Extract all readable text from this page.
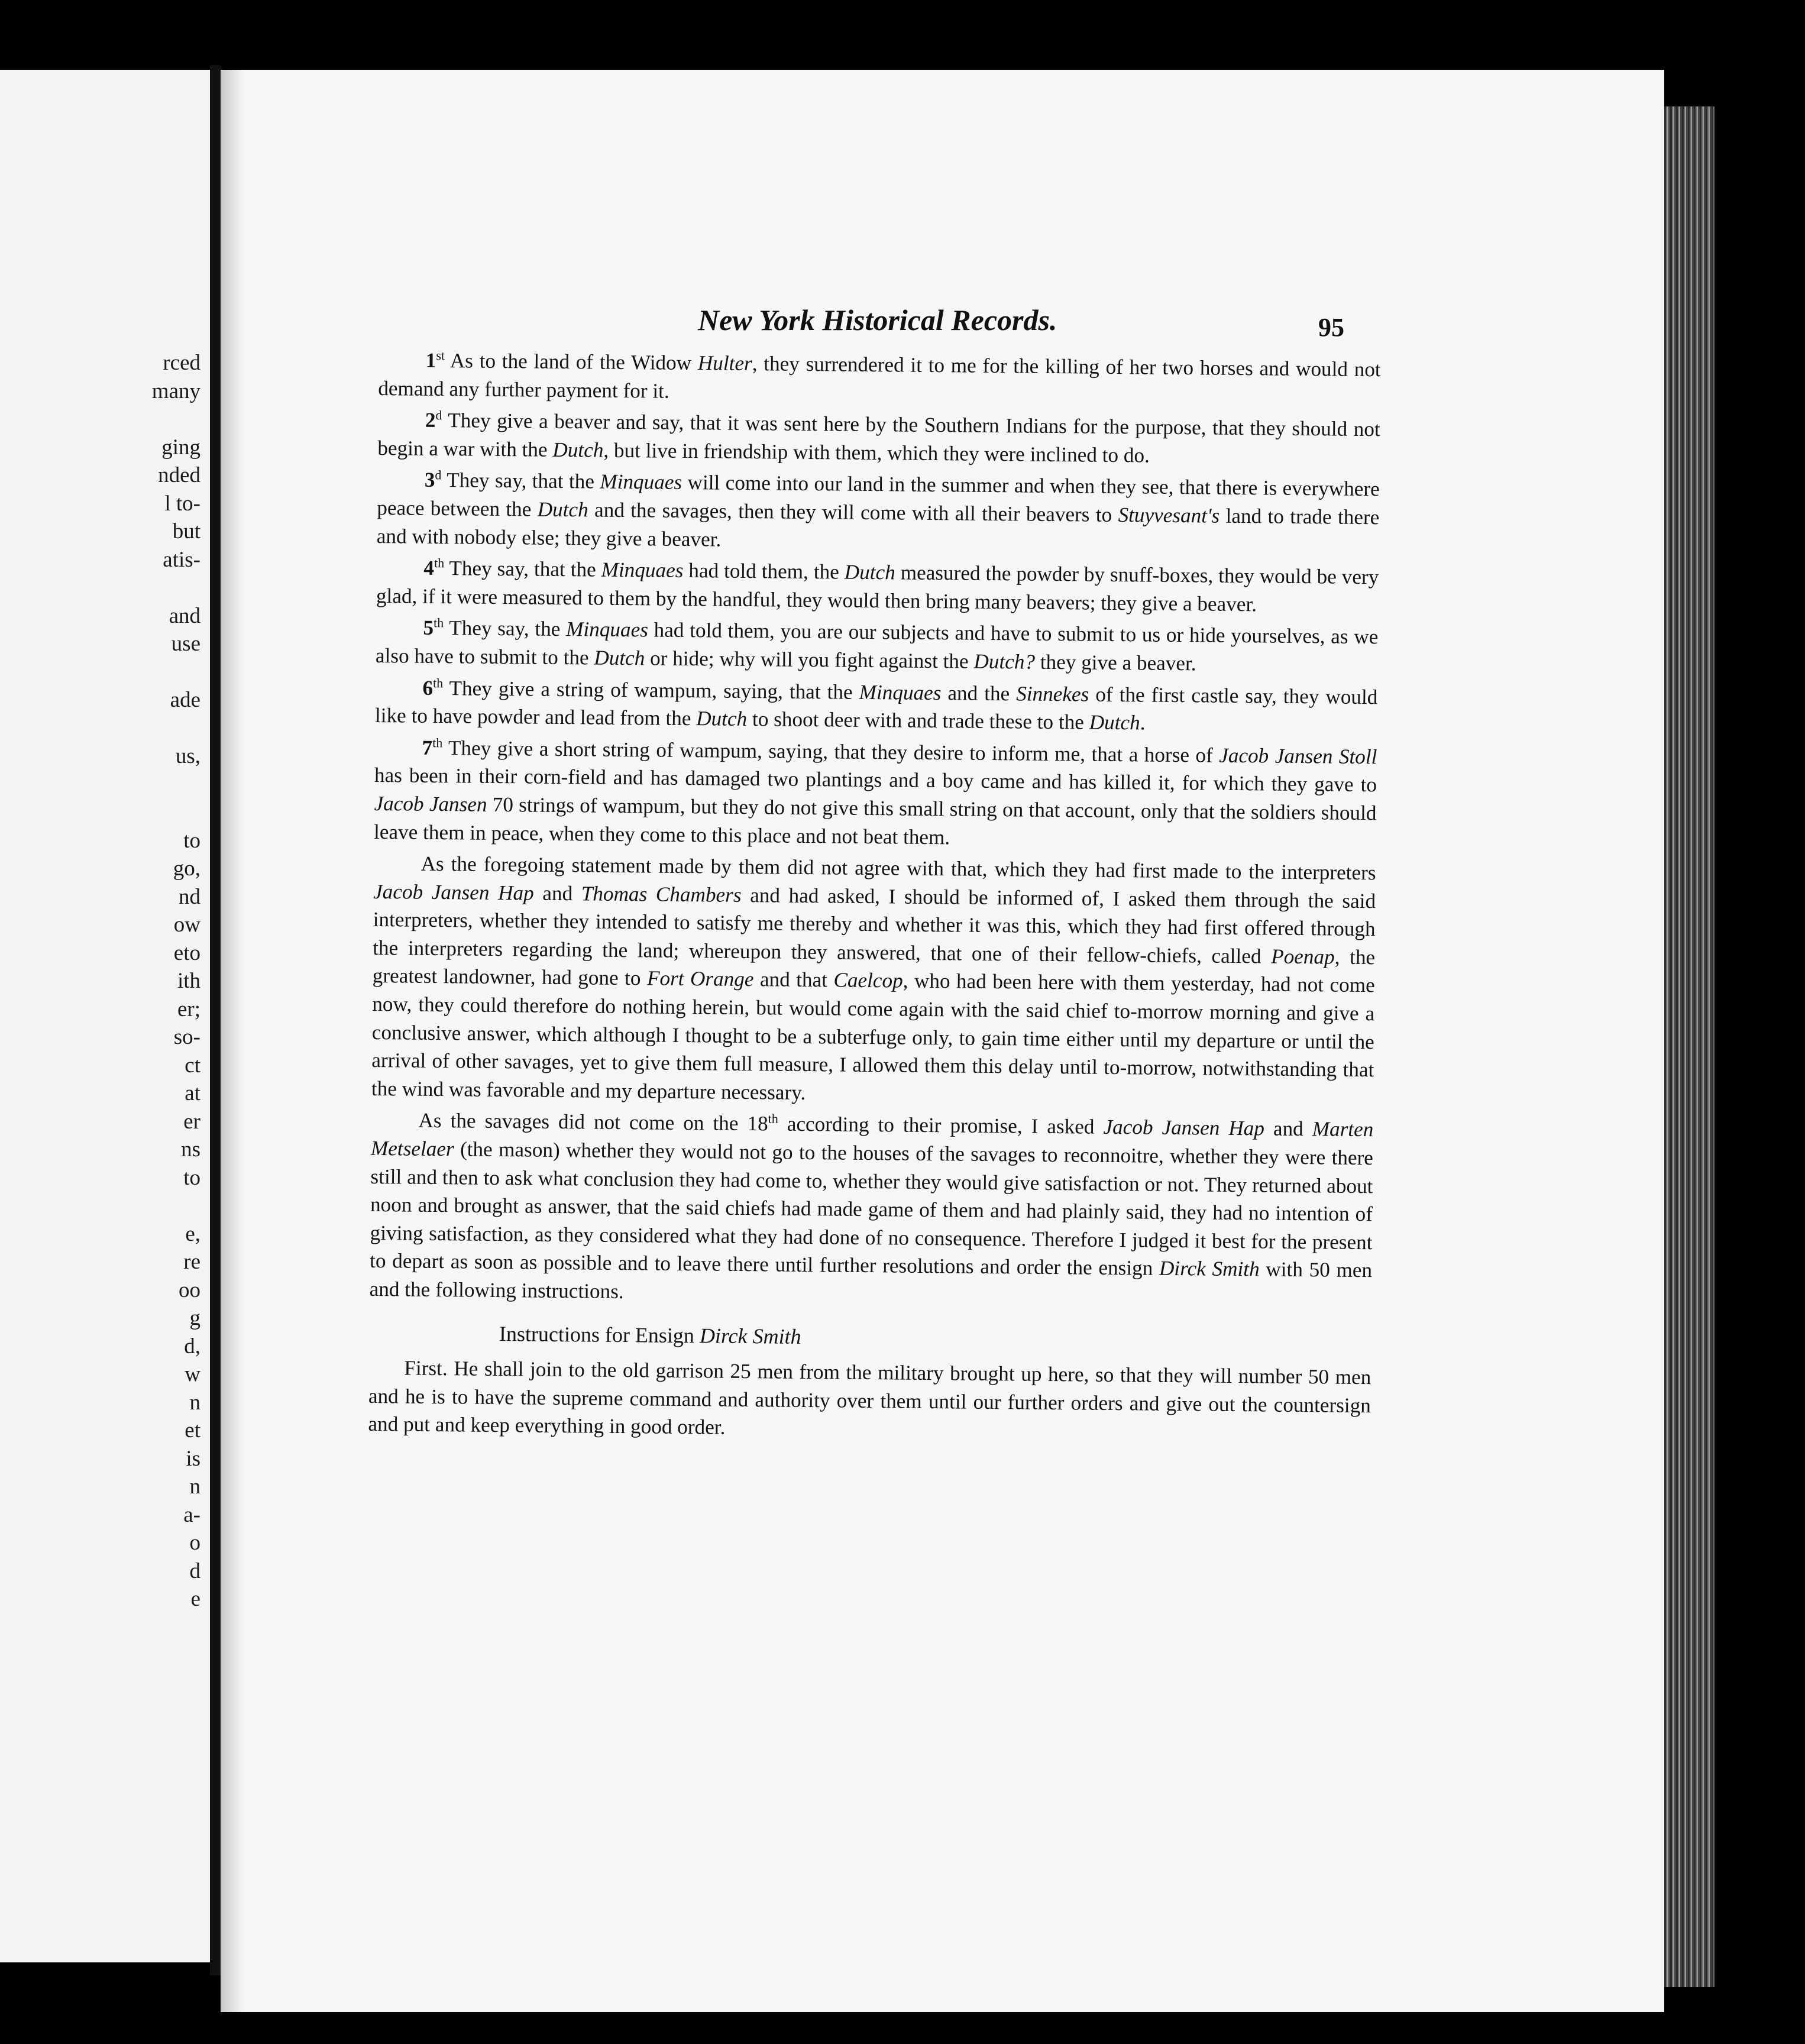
rced
many
ging
nded
l to-
but
atis-
and
use
ade
us,
to
go,
nd
ow
eto
ith
er;
so-
ct
at
er
ns
to
e,
re
oo
g
d,
w
n
et
is
n
a-
o
d
e
New York Historical Records.	95

1st As to the land of the Widow Hulter, they surrendered it to me for the killing of her two horses and would not demand any further payment for it.

2$^d$ They give a beaver and say, that it was sent here by the Southern Indians for the purpose, that they should not begin a war with the Dutch, but live in friendship with them, which they were inclined to do.

3$^d$ They say, that the Minquaes will come into our land in the summer and when they see, that there is everywhere peace between the Dutch and the savages, then they will come with all their beavers to Stuyvesant's land to trade there and with nobody else; they give a beaver.

4th They say, that the Minquaes had told them, the Dutch measured the powder by snuff-boxes, they would be very glad, if it were measured to them by the handful, they would then bring many beavers; they give a beaver.

5th They say, the Minquaes had told them, you are our subjects and have to submit to us or hide yourselves, as we also have to submit to the Dutch or hide; why will you fight against the Dutch? they give a beaver.

6th They give a string of wampum, saying, that the Minquaes and the Sinnekes of the first castle say, they would like to have powder and lead from the Dutch to shoot deer with and trade these to the Dutch.

7th They give a short string of wampum, saying, that they desire to inform me, that a horse of Jacob Jansen Stoll has been in their corn-field and has damaged two plantings and a boy came and has killed it, for which they gave to Jacob Jansen 70 strings of wampum, but they do not give this small string on that account, only that the soldiers should leave them in peace, when they come to this place and not beat them.

As the foregoing statement made by them did not agree with that, which they had first made to the interpreters Jacob Jansen Hap and Thomas Chambers and had asked, I should be informed of, I asked them through the said interpreters, whether they intended to satisfy me thereby and whether it was this, which they had first offered through the interpreters regarding the land; whereupon they answered, that one of their fellow-chiefs, called Poenap, the greatest landowner, had gone to Fort Orange and that Caelcop, who had been here with them yesterday, had not come now, they could therefore do nothing herein, but would come again with the said chief to-morrow morning and give a conclusive answer, which although I thought to be a subterfuge only, to gain time either until my departure or until the arrival of other savages, yet to give them full measure, I allowed them this delay until to-morrow, notwithstanding that the wind was favorable and my departure necessary.

As the savages did not come on the 18th according to their promise, I asked Jacob Jansen Hap and Marten Metselaer (the mason) whether they would not go to the houses of the savages to reconnoitre, whether they were there still and then to ask what conclusion they had come to, whether they would give satisfaction or not. They returned about noon and brought as answer, that the said chiefs had made game of them and had plainly said, they had no intention of giving satisfaction, as they considered what they had done of no consequence. Therefore I judged it best for the present to depart as soon as possible and to leave there until further resolutions and order the ensign Dirck Smith with 50 men and the following instructions.

Instructions for Ensign Dirck Smith

First. He shall join to the old garrison 25 men from the military brought up here, so that they will number 50 men and he is to have the supreme command and authority over them until our further orders and give out the countersign and put and keep everything in good order.
